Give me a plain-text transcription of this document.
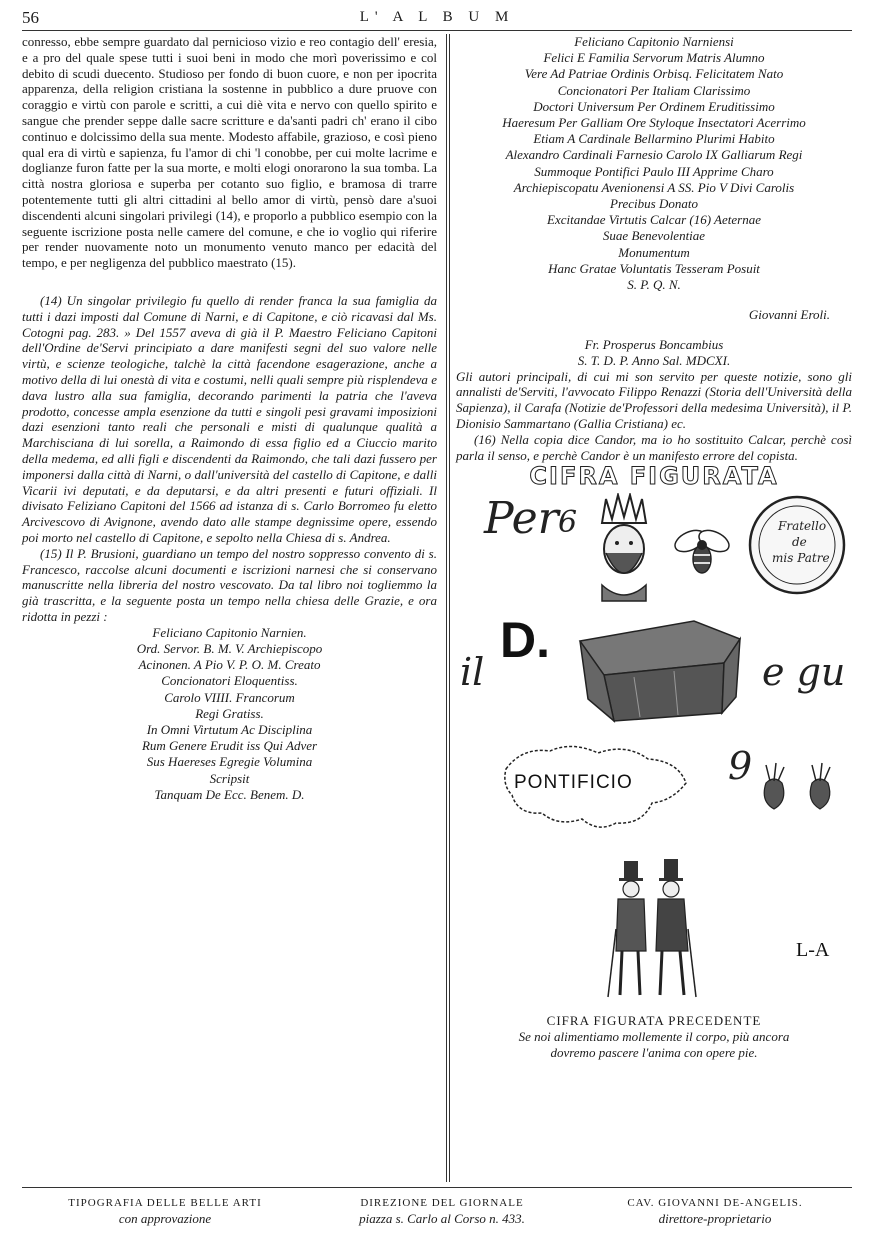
56	L' A L B U M

conresso, ebbe sempre guardato dal pernicioso vizio e reo contagio dell' eresia, e a pro del quale spese tutti i suoi beni in modo che morì poverissimo e col debito di scudi duecento. Studioso per fondo di buon cuore, e non per ipocrita apparenza, della religion cristiana la sostenne in pubblico a dure pruove con coraggio e virtù con parole e scritti, a cui diè vita e nervo con quello spirito e sangue che prender seppe dalle sacre scritture e da'santi padri ch' erano il cibo continuo e dolcissimo della sua mente. Modesto affabile, grazioso, e così pieno qual era di virtù e sapienza, fu l'amor di chi 'l conobbe, per cui molte lacrime e doglianze furon fatte per la sua morte, e molti elogi onorarono la sua tomba. La città nostra gloriosa e superba per cotanto suo figlio, e bramosa di trarre potentemente tutti gli altri cittadini al bello amor di virtù, pensò dare a'suoi discendenti alcuni singolari privilegi (14), e proporlo a pubblico esempio con la seguente iscrizione posta nelle camere del comune, e che io voglio qui riferire per render nuovamente noto un monumento venuto manco per edacità del tempo, e per negligenza del pubblico maestrato (15).

(14) Un singolar privilegio fu quello di render franca la sua famiglia da tutti i dazi imposti dal Comune di Narni, e di Capitone, e ciò ricavasi dal Ms. Cotogni pag. 283. » Del 1557 aveva di già il P. Maestro Feliciano Capitoni dell'Ordine de'Servi principiato a dare manifesti segni del suo valore nelle virtù, e scienze teologiche, talchè la città facendone esagerazione, anche a motivo della di lui onestà di vita e costumi, nelli quali sempre più risplendeva e dava lustro alla sua famiglia, decorando parimenti la patria che l'aveva prodotto, concesse ampla esenzione da tutti e singoli pesi gravami imposizioni dazi esenzioni tanto reali che personali e misti di qualunque qualità a Marchisciana di lui sorella, a Raimondo di essa figlio ed a Ciuccio marito della medema, ed alli figli e discendenti da Raimondo, che tali dazi fussero per imponersi dalla città di Narni, o dall'università del castello di Capitone, e dalli Vicarii ivi deputati, e da deputarsi, e da altri presenti e futuri offiziali. Il divisato Feliziano Capitoni del 1566 ad istanza di s. Carlo Borromeo fu eletto Arcivescovo di Avignone, avendo dato alle stampe degnissime opere, essendo poi morto nel castello di Capitone, e sepolto nella Chiesa di s. Andrea.

(15) Il P. Brusioni, guardiano un tempo del nostro soppresso convento di s. Francesco, raccolse alcuni documenti e iscrizioni narnesi che si conservano manuscritte nella libreria del nostro vescovato. Da tal libro noi togliemmo la già trascritta, e la seguente posta un tempo nella chiesa delle Grazie, e ora ridotta in pezzi :

Feliciano Capitonio Narnien.
Ord. Servor. B. M. V. Archiepiscopo
Acinonen. A Pio V. P. O. M. Creato
Concionatori Eloquentiss.
Carolo VIIII. Francorum
Regi Gratiss.
In Omni Virtutum Ac Disciplina
Rum Genere Erudit iss Qui Adver
Sus Haereses Egregie Volumina
Scripsit
Tanquam De Ecc. Benem. D.
Feliciano Capitonio Narniensi
Felici E Familia Servorum Matris Alumno
Vere Ad Patriae Ordinis Orbisq. Felicitatem Nato
Concionatori Per Italiam Clarissimo
Doctori Universum Per Ordinem Eruditissimo
Haeresum Per Galliam Ore Styloque Insectatori Acerrimo
Etiam A Cardinale Bellarmino Plurimi Habito
Alexandro Cardinali Farnesio Carolo IX Galliarum Regi
Summoque Pontifici Paulo III Apprime Charo
Archiepiscopatu Avenionensi A SS. Pio V Divi Carolis
Precibus Donato
Excitandae Virtutis Calcar (16) Aeternae
Suae Benevolentiae
Monumentum
Hanc Gratae Voluntatis Tesseram Posuit
S. P. Q. N.

Giovanni Eroli.

Fr. Prosperus Boncambius

S. T. D. P. Anno Sal. MDCXI.

Gli autori principali, di cui mi son servito per queste notizie, sono gli annalisti de'Serviti, l'avvocato Filippo Renazzi (Storia dell'Università della Sapienza), il Carafa (Notizie de'Professori della medesima Università), il P. Dionisio Sammartano (Gallia Cristiana) ec.

(16) Nella copia dice Candor, ma io ho sostituito Calcar, perchè così parla il senso, e perchè Candor è un manifesto errore del copista.

CIFRA FIGURATA
Per 6	Fratello
de
mis Patre
il
D.
e gu
PONTIFICIO	9
L-A
CIFRA FIGURATA PRECEDENTE
Se noi alimentiamo mollemente il corpo, più ancora
dovremo pascere l'anima con opere pie.
TIPOGRAFIA DELLE BELLE ARTI
con approvazione
DIREZIONE DEL GIORNALE
piazza s. Carlo al Corso n. 433.
CAV. GIOVANNI DE-ANGELIS.
direttore-proprietario
